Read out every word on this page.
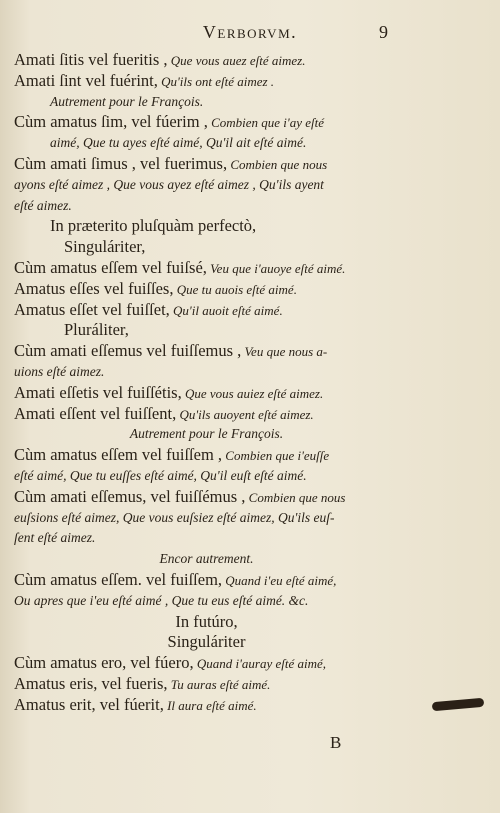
Verborvm.	9
Amati ſitis vel fueritis , Que vous auez eſté aimez.
Amati ſint vel fuérint, Qu'ils ont eſté aimez .
Autrement pour le François.
Cùm amatus ſim, vel fúerim , Combien que i'ay eſté
aimé, Que tu ayes eſté aimé, Qu'il ait eſté aimé.
Cùm amati ſimus , vel fuerimus, Combien que nous
ayons eſté aimez , Que vous ayez eſté aimez , Qu'ils ayent
eſté aimez.
In præterito pluſquàm perfectò,
Singuláriter,
Cùm amatus eſſem vel fuiſsé, Veu que i'auoye eſté aimé.
Amatus eſſes vel fuiſſes, Que tu auois eſté aimé.
Amatus eſſet vel fuiſſet, Qu'il auoit eſté aimé.
Pluráliter,
Cùm amati eſſemus vel fuiſſemus , Veu que nous a-
uions eſté aimez.
Amati eſſetis vel fuiſſétis, Que vous auiez eſté aimez.
Amati eſſent vel fuiſſent, Qu'ils auoyent eſté aimez.
Autrement pour le François.
Cùm amatus eſſem vel fuiſſem , Combien que i'euſſe
eſté aimé, Que tu euſſes eſté aimé, Qu'il euſt eſté aimé.
Cùm amati eſſemus, vel fuiſſémus , Combien que nous
euſsions eſté aimez, Que vous euſsiez eſté aimez, Qu'ils euſ-
ſent eſté aimez.
Encor autrement.
Cùm amatus eſſem. vel fuiſſem, Quand i'eu eſté aimé,
Ou apres que i'eu eſté aimé , Que tu eus eſté aimé. &c.
In futúro,
Singuláriter
Cùm amatus ero, vel fúero, Quand i'auray eſté aimé,
Amatus eris, vel fueris, Tu auras eſté aimé.
Amatus erit, vel fúerit, Il aura eſté aimé.
B
